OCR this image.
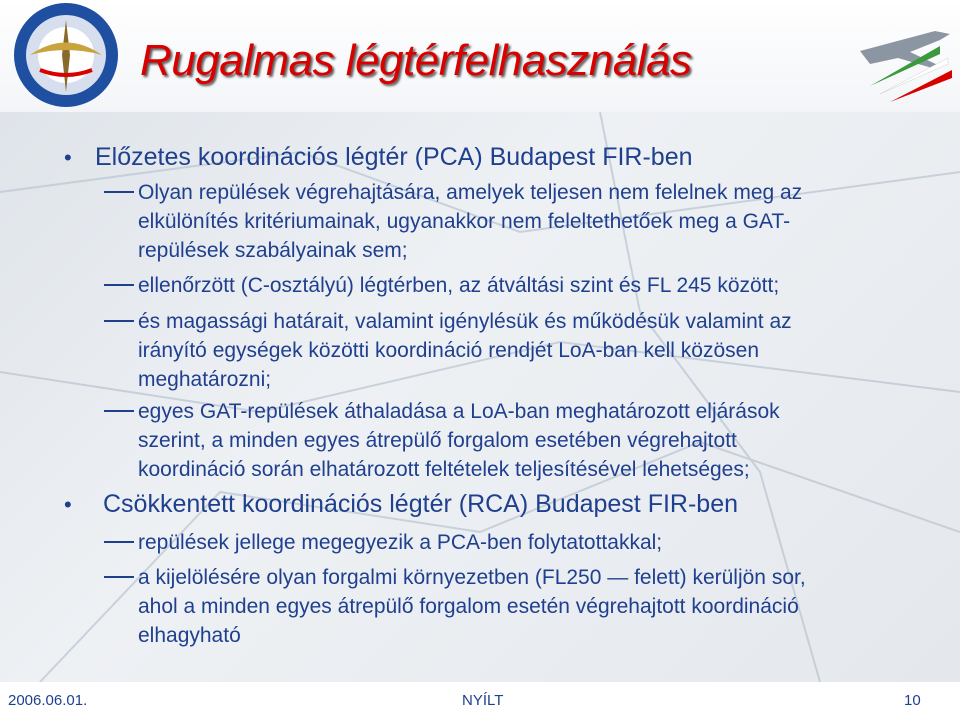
Rugalmas légtérfelhasználás
• Előzetes koordinációs légtér (PCA) Budapest FIR-ben
Olyan repülések végrehajtására, amelyek teljesen nem felelnek meg az
elkülönítés kritériumainak, ugyanakkor nem feleltethetőek meg a GAT-
repülések szabályainak sem;
ellenőrzött (C-osztályú) légtérben, az átváltási szint és FL 245 között;
és magassági határait, valamint igénylésük és működésük valamint az
irányító egységek közötti koordináció rendjét LoA-ban kell közösen
meghatározni;
egyes GAT-repülések áthaladása a LoA-ban meghatározott eljárások
szerint, a minden egyes átrepülő forgalom esetében végrehajtott
koordináció során elhatározott feltételek teljesítésével lehetséges;
• Csökkentett koordinációs légtér (RCA) Budapest FIR-ben
repülések jellege megegyezik a PCA-ben folytatottakkal;
a kijelölésére olyan forgalmi környezetben (FL250 — felett) kerüljön sor,
ahol a minden egyes átrepülő forgalom esetén végrehajtott koordináció
elhagyható
2006.06.01.	NYÍLT	10
